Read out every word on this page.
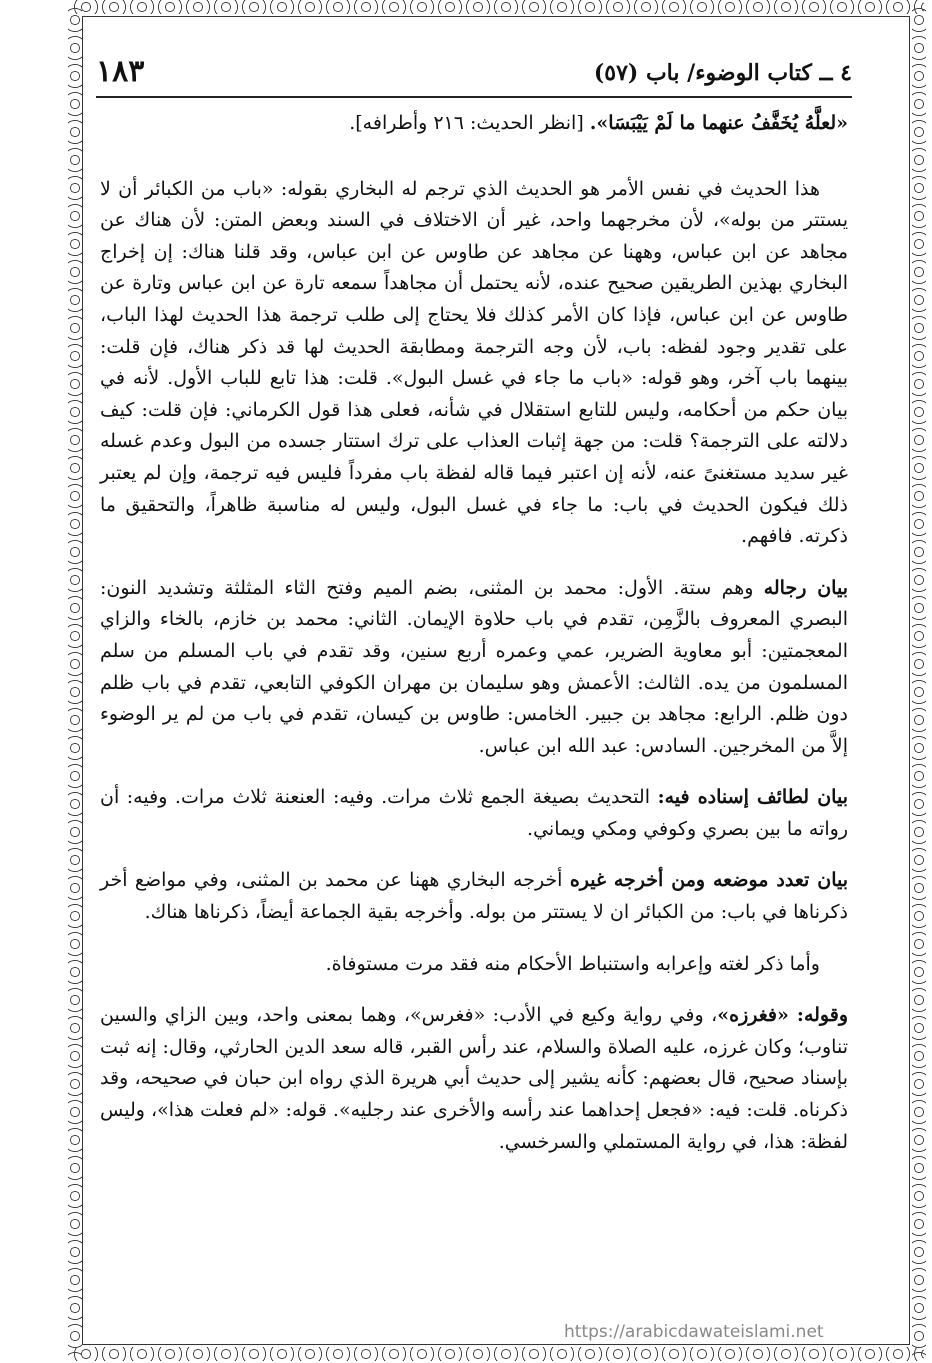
٤ ــ كتاب الوضوء/ باب (٥٧)
١٨٣

«لعلَّهُ يُخَفَّفُ عنهما ما لَمْ يَيْبَسَا». [انظر الحديث: ٢١٦ وأطرافه].

هذا الحديث في نفس الأمر هو الحديث الذي ترجم له البخاري بقوله: «باب من الكبائر أن لا يستتر من بوله»، لأن مخرجهما واحد، غير أن الاختلاف في السند وبعض المتن: لأن هناك عن مجاهد عن ابن عباس، وههنا عن مجاهد عن طاوس عن ابن عباس، وقد قلنا هناك: إن إخراج البخاري بهذين الطريقين صحيح عنده، لأنه يحتمل أن مجاهداً سمعه تارة عن ابن عباس وتارة عن طاوس عن ابن عباس، فإذا كان الأمر كذلك فلا يحتاج إلى طلب ترجمة هذا الحديث لهذا الباب، على تقدير وجود لفظه: باب، لأن وجه الترجمة ومطابقة الحديث لها قد ذكر هناك، فإن قلت: بينهما باب آخر، وهو قوله: «باب ما جاء في غسل البول». قلت: هذا تابع للباب الأول. لأنه في بيان حكم من أحكامه، وليس للتابع استقلال في شأنه، فعلى هذا قول الكرماني: فإن قلت: كيف دلالته على الترجمة؟ قلت: من جهة إثبات العذاب على ترك استتار جسده من البول وعدم غسله غير سديد مستغنىً عنه، لأنه إن اعتبر فيما قاله لفظة باب مفرداً فليس فيه ترجمة، وإن لم يعتبر ذلك فيكون الحديث في باب: ما جاء في غسل البول، وليس له مناسبة ظاهراً، والتحقيق ما ذكرته. فافهم.

بيان رجاله وهم ستة. الأول: محمد بن المثنى، بضم الميم وفتح الثاء المثلثة وتشديد النون: البصري المعروف بالزَّمِن، تقدم في باب حلاوة الإيمان. الثاني: محمد بن خازم، بالخاء والزاي المعجمتين: أبو معاوية الضرير، عمي وعمره أربع سنين، وقد تقدم في باب المسلم من سلم المسلمون من يده. الثالث: الأعمش وهو سليمان بن مهران الكوفي التابعي، تقدم في باب ظلم دون ظلم. الرابع: مجاهد بن جبير. الخامس: طاوس بن كيسان، تقدم في باب من لم ير الوضوء إلاَّ من المخرجين. السادس: عبد الله ابن عباس.

بيان لطائف إسناده فيه: التحديث بصيغة الجمع ثلاث مرات. وفيه: العنعنة ثلاث مرات. وفيه: أن رواته ما بين بصري وكوفي ومكي ويماني.

بيان تعدد موضعه ومن أخرجه غيره أخرجه البخاري ههنا عن محمد بن المثنى، وفي مواضع أخر ذكرناها في باب: من الكبائر ان لا يستتر من بوله. وأخرجه بقية الجماعة أيضاً، ذكرناها هناك.

وأما ذكر لغته وإعرابه واستنباط الأحكام منه فقد مرت مستوفاة.

وقوله: «فغرزه»، وفي رواية وكيع في الأدب: «فغرس»، وهما بمعنى واحد، وبين الزاي والسين تناوب؛ وكان غرزه، عليه الصلاة والسلام، عند رأس القبر، قاله سعد الدين الحارثي، وقال: إنه ثبت بإسناد صحيح، قال بعضهم: كأنه يشير إلى حديث أبي هريرة الذي رواه ابن حبان في صحيحه، وقد ذكرناه. قلت: فيه: «فجعل إحداهما عند رأسه والأخرى عند رجليه». قوله: «لم فعلت هذا»، وليس لفظة: هذا، في رواية المستملي والسرخسي.

https://arabicdawateislami.net
